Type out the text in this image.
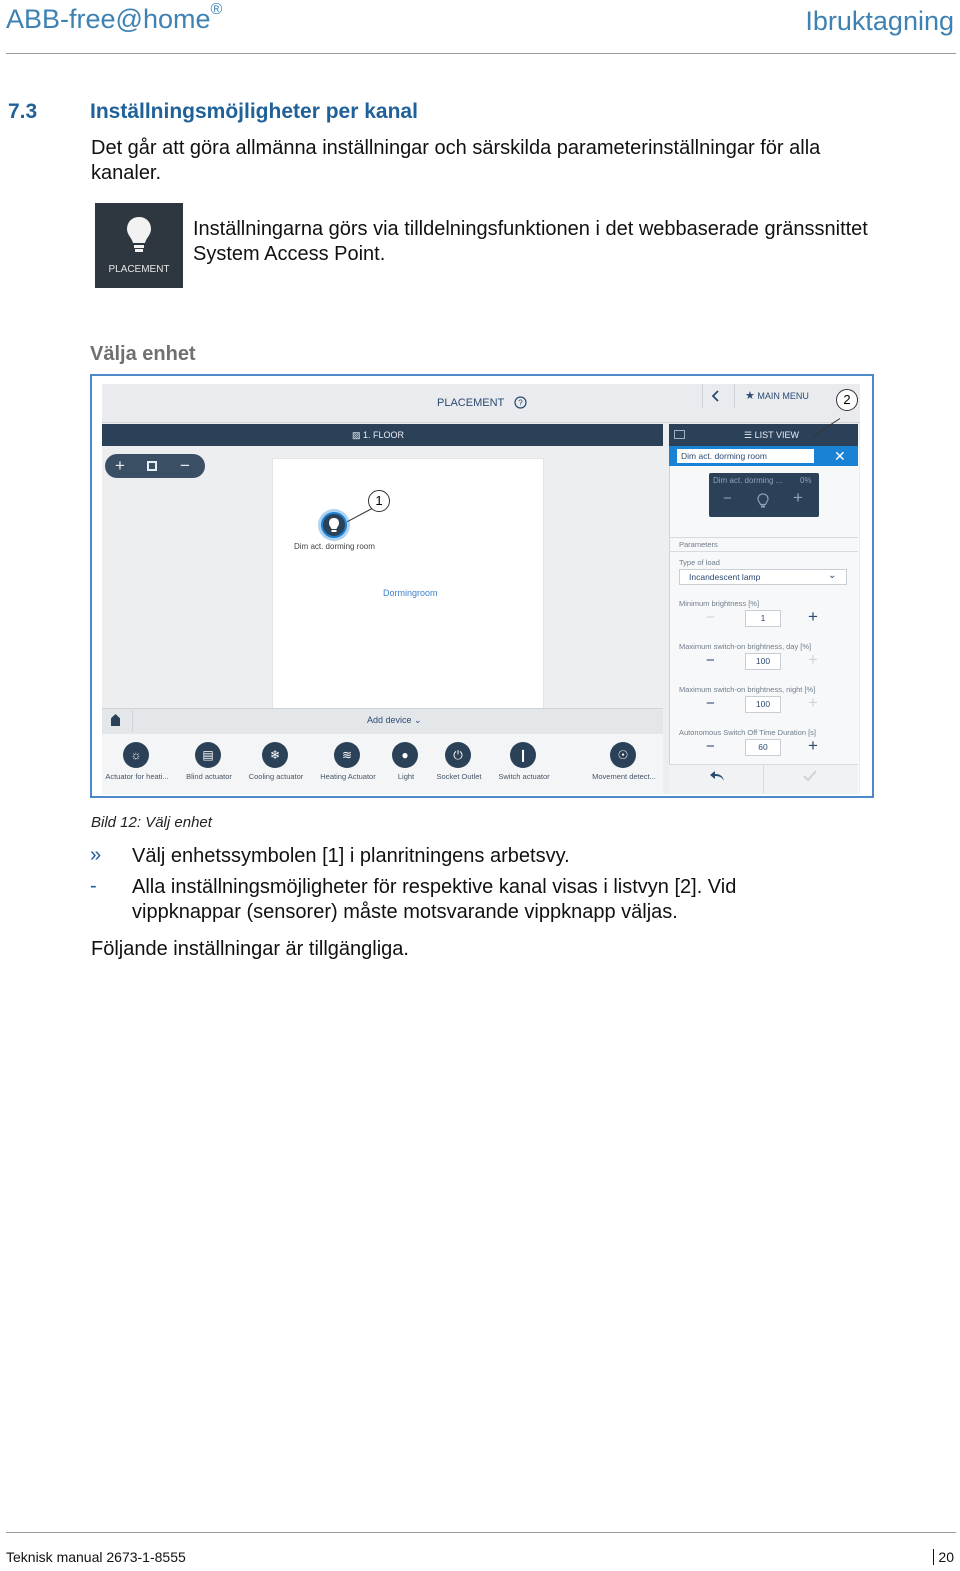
ABB-free@home®	Ibruktagning
7.3	Inställningsmöjligheter per kanal
Det går att göra allmänna inställningar och särskilda parameterinställningar för alla kanaler.
PLACEMENT
Inställningarna görs via tilldelningsfunktionen i det webbaserade gränssnittet System Access Point.
Välja enhet
PLACEMENT ?
★ MAIN MENU
▨ 1. FLOOR
+	−
Dim act. dorming room
Dormingroom
1
Add device ⌄
☼
Actuator for heati...
▤
Blind actuator
❄
Cooling actuator
≋
Heating Actuator
●
Light
⏻
Socket Outlet
❙
Switch actuator
☉
Movement detect...
☰ LIST VIEW
Dim act. dorming room	✕
Dim act. dorming ... 0%
−	+
2
Parameters
Type of load
Incandescent lamp	⌄
Minimum brightness [%]
−	1	+
Maximum switch-on brightness, day [%]
−	100	+
Maximum switch-on brightness, night [%]
−	100	+
Autonomous Switch Off Time Duration [s]
−	60	+
Bild 12: Välj enhet
» Välj enhetssymbolen [1] i planritningens arbetsvy.
- Alla inställningsmöjligheter för respektive kanal visas i listvyn [2]. Vid vippknappar (sensorer) måste motsvarande vippknapp väljas.
Följande inställningar är tillgängliga.
Teknisk manual 2673-1-8555	20
